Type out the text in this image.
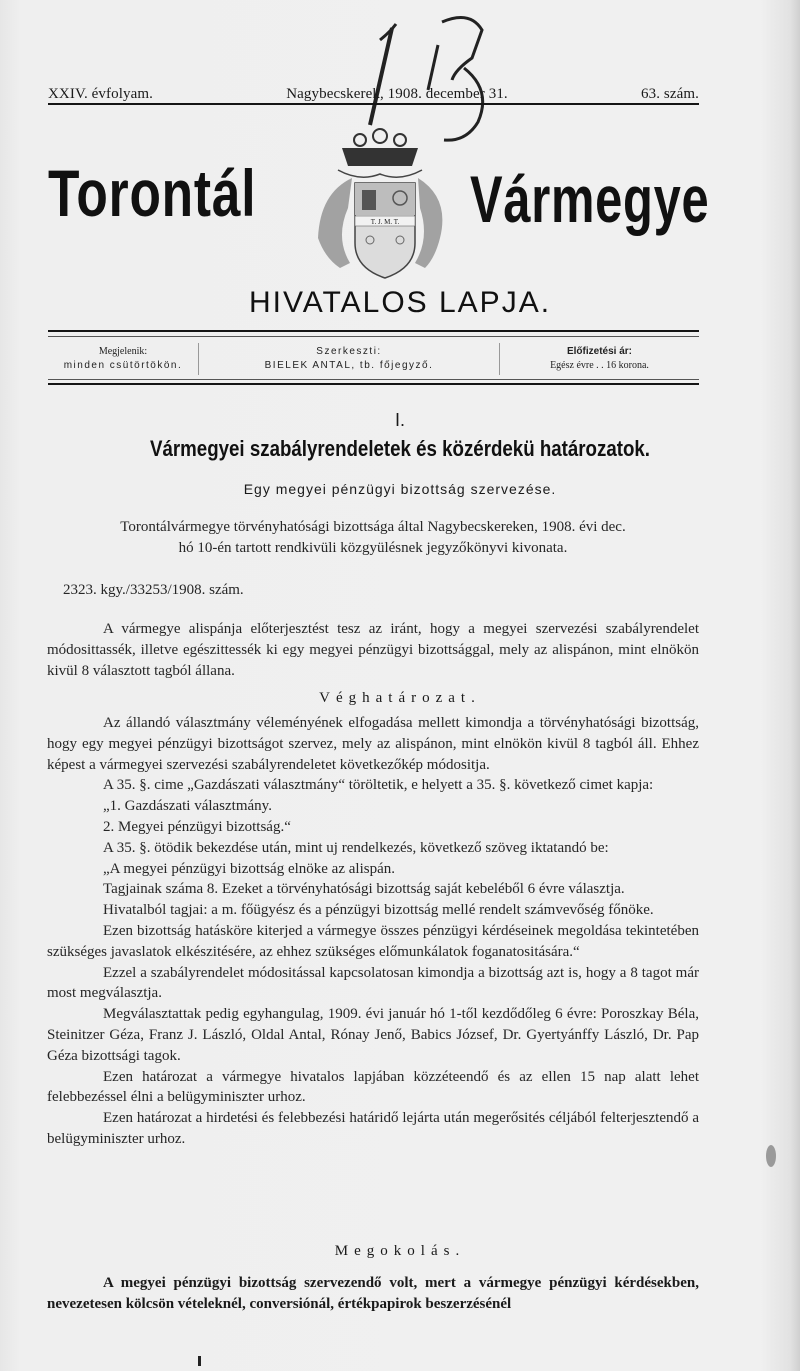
XXIV. évfolyam.	Nagybecskerek, 1908. december 31.	63. szám.
Torontál	T. J. M. T. Vármegye
HIVATALOS LAPJA.
Megjelenik:
minden csütörtökön.
Szerkeszti:
BIELEK ANTAL, tb. főjegyző.
Előfizetési ár:
Egész évre . . 16 korona.
I.
Vármegyei szabályrendeletek és közérdekü határozatok.
Egy megyei pénzügyi bizottság szervezése.

Torontálvármegye törvényhatósági bizottsága által Nagybecskereken, 1908. évi dec.

hó 10-én tartott rendkivüli közgyülésnek jegyzőkönyvi kivonata.

2323. kgy./33253/1908. szám.

A vármegye alispánja előterjesztést tesz az iránt, hogy a megyei szervezési szabályrendelet módosittassék, illetve egészittessék ki egy megyei pénzügyi bizottsággal, mely az alispánon, mint elnökön kivül 8 választott tagból állana.

Véghatározat.

Az állandó választmány véleményének elfogadása mellett kimondja a törvényhatósági bizottság, hogy egy megyei pénzügyi bizottságot szervez, mely az alispánon, mint elnökön kivül 8 tagból áll. Ehhez képest a vármegyei szervezési szabályrendeletet következőkép módositja.

A 35. §. cime „Gazdászati választmány“ töröltetik, e helyett a 35. §. következő cimet kapja:

„1. Gazdászati választmány.

2. Megyei pénzügyi bizottság.“

A 35. §. ötödik bekezdése után, mint uj rendelkezés, következő szöveg iktatandó be:

„A megyei pénzügyi bizottság elnöke az alispán.

Tagjainak száma 8. Ezeket a törvényhatósági bizottság saját kebeléből 6 évre választja.

Hivatalból tagjai: a m. főügyész és a pénzügyi bizottság mellé rendelt számvevőség főnöke.

Ezen bizottság hatásköre kiterjed a vármegye összes pénzügyi kérdéseinek megoldása tekintetében szükséges javaslatok elkészitésére, az ehhez szükséges előmunkálatok foganatositására.“

Ezzel a szabályrendelet módositással kapcsolatosan kimondja a bizottság azt is, hogy a 8 tagot már most megválasztja.

Megválasztattak pedig egyhangulag, 1909. évi január hó 1-től kezdődőleg 6 évre: Poroszkay Béla, Steinitzer Géza, Franz J. László, Oldal Antal, Rónay Jenő, Babics József, Dr. Gyertyánffy László, Dr. Pap Géza bizottsági tagok.

Ezen határozat a vármegye hivatalos lapjában közzéteendő és az ellen 15 nap alatt lehet felebbezéssel élni a belügyminiszter urhoz.

Ezen határozat a hirdetési és felebbezési határidő lejárta után megerősités céljából felterjesztendő a belügyminiszter urhoz.

Megokolás.

A megyei pénzügyi bizottság szervezendő volt, mert a vármegye pénzügyi kérdésekben, nevezetesen kölcsön vételeknél, conversiónál, értékpapirok beszerzésénél
